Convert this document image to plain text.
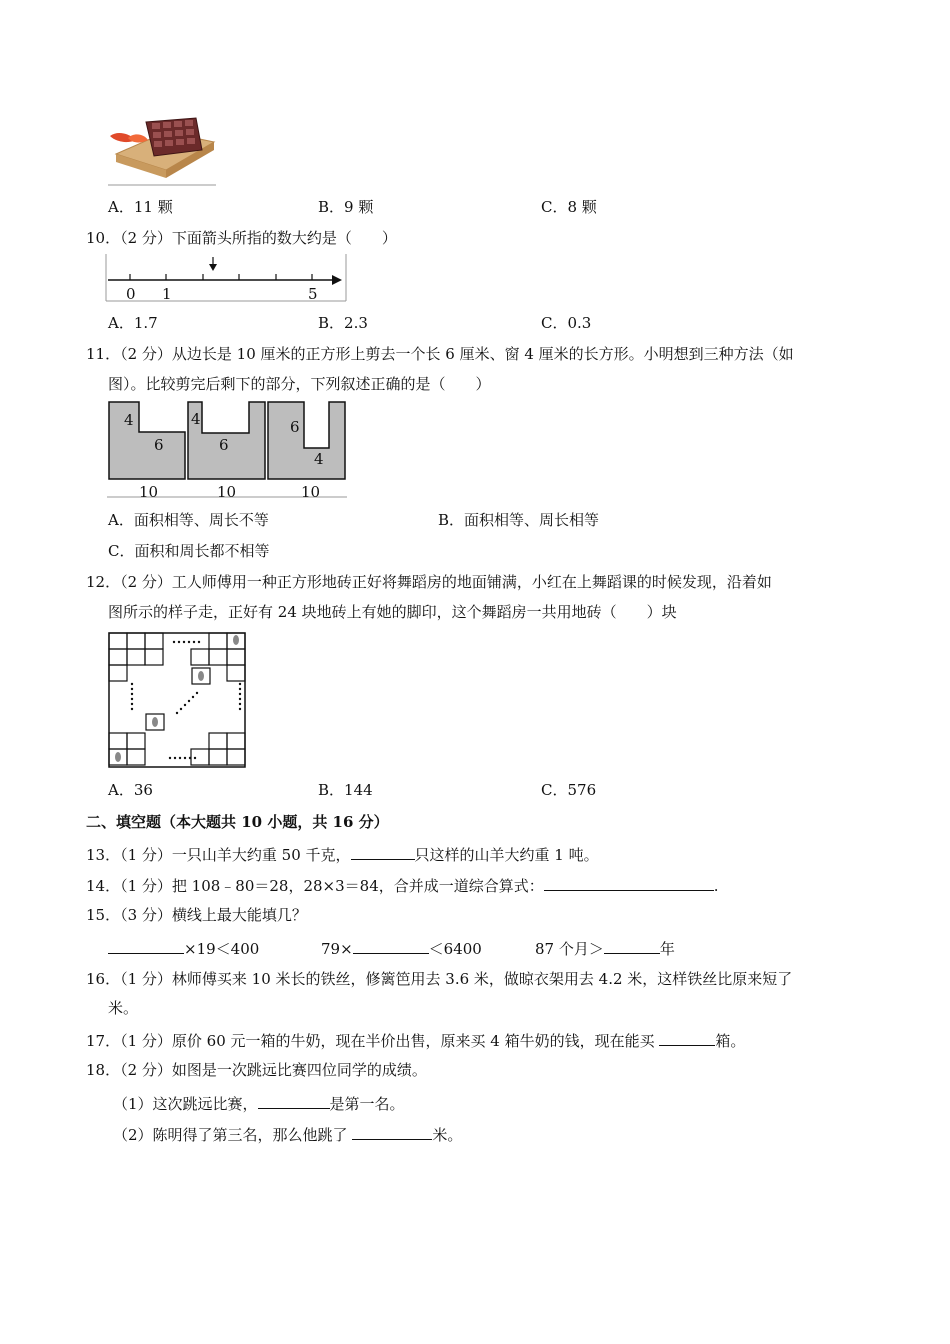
A．11 颗	B．9 颗	C．8 颗
10．（2 分）下面箭头所指的数大约是（　　）
0 1	5
A．1.7	B．2.3	C．0.3
11．（2 分）从边长是 10 厘米的正方形上剪去一个长 6 厘米、窗 4 厘米的长方形。小明想到三种方法（如
图）。比较剪完后剩下的部分，下列叙述正确的是（　　）
4
6
10
4
6
10
6
4
10
A．面积相等、周长不等	B．面积相等、周长相等
C．面积和周长都不相等
12．（2 分）工人师傅用一种正方形地砖正好将舞蹈房的地面铺满，小红在上舞蹈课的时候发现，沿着如
图所示的样子走，正好有 24 块地砖上有她的脚印，这个舞蹈房一共用地砖（　　）块
A．36	B．144	C．576
二、填空题（本大题共 10 小题，共 16 分）
13．（1 分）一只山羊大约重 50 千克，	只这样的山羊大约重 1 吨。
14．（1 分）把 108﹣80＝28，28×3＝84，合并成一道综合算式：	.
15．（3 分）横线上最大能填几？
×19＜400	79×	＜6400	87 个月＞	年
16．（1 分）林师傅买来 10 米长的铁丝，修篱笆用去 3.6 米，做晾衣架用去 4.2 米，这样铁丝比原来短了
米。
17．（1 分）原价 60 元一箱的牛奶，现在半价出售，原来买 4 箱牛奶的钱，现在能买	箱。
18．（2 分）如图是一次跳远比赛四位同学的成绩。
（1）这次跳远比赛，	是第一名。
（2）陈明得了第三名，那么他跳了	米。
